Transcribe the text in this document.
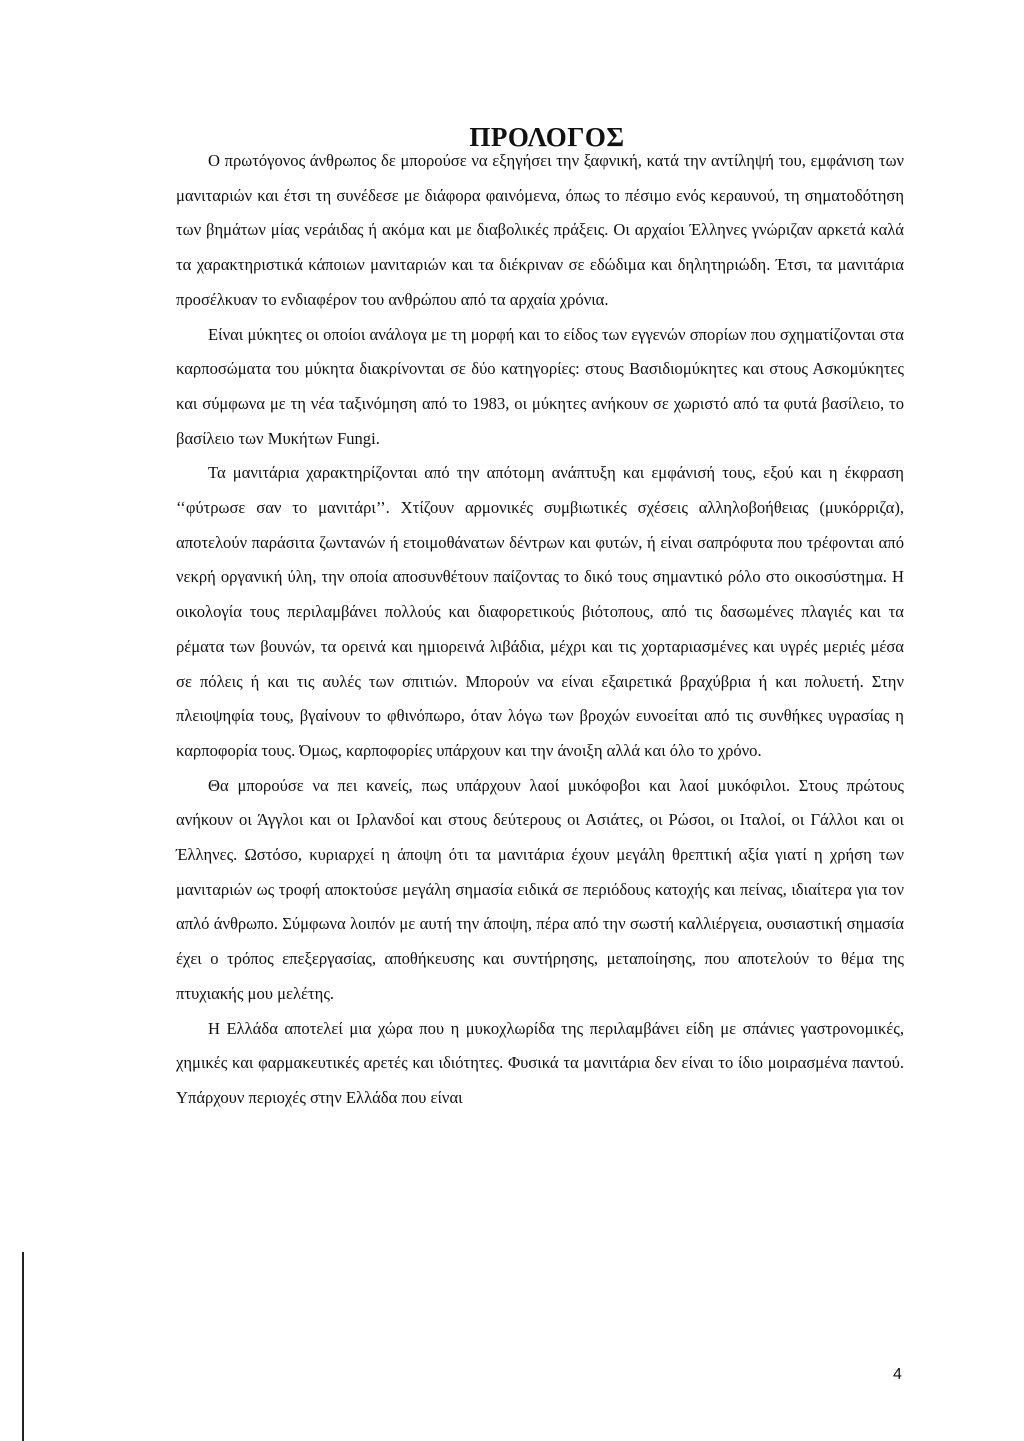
ΠΡΟΛΟΓΟΣ

Ο πρωτόγονος άνθρωπος δε μπορούσε να εξηγήσει την ξαφνική, κατά την αντίληψή του, εμφάνιση των μανιταριών και έτσι τη συνέδεσε με διάφορα φαινόμενα, όπως το πέσιμο ενός κεραυνού, τη σηματοδότηση των βημάτων μίας νεράιδας ή ακόμα και με διαβολικές πράξεις. Οι αρχαίοι Έλληνες γνώριζαν αρκετά καλά τα χαρακτηριστικά κάποιων μανιταριών και τα διέκριναν σε εδώδιμα και δηλητηριώδη. Έτσι, τα μανιτάρια προσέλκυαν το ενδιαφέρον του ανθρώπου από τα αρχαία χρόνια.

Είναι μύκητες οι οποίοι ανάλογα με τη μορφή και το είδος των εγγενών σπορίων που σχηματίζονται στα καρποσώματα του μύκητα διακρίνονται σε δύο κατηγορίες: στους Βασιδιομύκητες και στους Ασκομύκητες και σύμφωνα με τη νέα ταξινόμηση από το 1983, οι μύκητες ανήκουν σε χωριστό από τα φυτά βασίλειο, το βασίλειο των Μυκήτων Fungi.

Τα μανιτάρια χαρακτηρίζονται από την απότομη ανάπτυξη και εμφάνισή τους, εξού και η έκφραση ‘‘φύτρωσε σαν το μανιτάρι’’. Χτίζουν αρμονικές συμβιωτικές σχέσεις αλληλοβοήθειας (μυκόρριζα), αποτελούν παράσιτα ζωντανών ή ετοιμοθάνατων δέντρων και φυτών, ή είναι σαπρόφυτα που τρέφονται από νεκρή οργανική ύλη, την οποία αποσυνθέτουν παίζοντας το δικό τους σημαντικό ρόλο στο οικοσύστημα. Η οικολογία τους περιλαμβάνει πολλούς και διαφορετικούς βιότοπους, από τις δασωμένες πλαγιές και τα ρέματα των βουνών, τα ορεινά και ημιορεινά λιβάδια, μέχρι και τις χορταριασμένες και υγρές μεριές μέσα σε πόλεις ή και τις αυλές των σπιτιών. Μπορούν να είναι εξαιρετικά βραχύβρια ή και πολυετή. Στην πλειοψηφία τους, βγαίνουν το φθινόπωρο, όταν λόγω των βροχών ευνοείται από τις συνθήκες υγρασίας η καρποφορία τους. Όμως, καρποφορίες υπάρχουν και την άνοιξη αλλά και όλο το χρόνο.

Θα μπορούσε να πει κανείς, πως υπάρχουν λαοί μυκόφοβοι και λαοί μυκόφιλοι. Στους πρώτους ανήκουν οι Άγγλοι και οι Ιρλανδοί και στους δεύτερους οι Ασιάτες, οι Ρώσοι, οι Ιταλοί, οι Γάλλοι και οι Έλληνες. Ωστόσο, κυριαρχεί η άποψη ότι τα μανιτάρια έχουν μεγάλη θρεπτική αξία γιατί η χρήση των μανιταριών ως τροφή αποκτούσε μεγάλη σημασία ειδικά σε περιόδους κατοχής και πείνας, ιδιαίτερα για τον απλό άνθρωπο. Σύμφωνα λοιπόν με αυτή την άποψη, πέρα από την σωστή καλλιέργεια, ουσιαστική σημασία έχει ο τρόπος επεξεργασίας, αποθήκευσης και συντήρησης, μεταποίησης, που αποτελούν το θέμα της πτυχιακής μου μελέτης.

Η Ελλάδα αποτελεί μια χώρα που η μυκοχλωρίδα της περιλαμβάνει είδη με σπάνιες γαστρονομικές, χημικές και φαρμακευτικές αρετές και ιδιότητες. Φυσικά τα μανιτάρια δεν είναι το ίδιο μοιρασμένα παντού. Υπάρχουν περιοχές στην Ελλάδα που είναι

4
